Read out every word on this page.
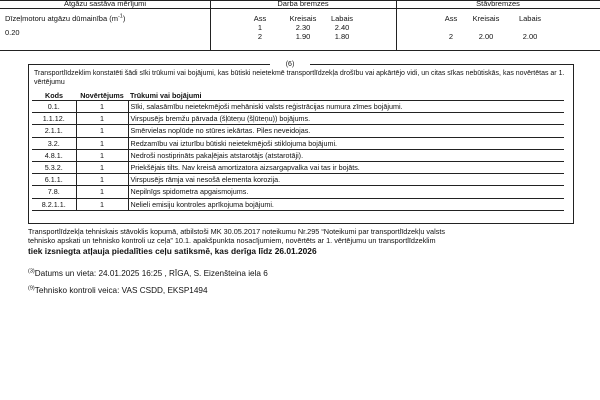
Atgāzu sastāva mērījumi
Dīzeļmotoru atgāzu dūmainība $(m^{-1})$
0.20
Darba bremzes
Ass	Kreisais	Labais
1	2.30	2.40
2	1.90	1.80
Stāvbremzes
Ass	Kreisais	Labais
2	2.00	2.00
(6)
Transportlīdzeklim konstatēti šādi sīki trūkumi vai bojājumi, kas būtiski neietekmē transportlīdzekļa drošību vai apkārtējo vidi, un citas sīkas nebūtiskās, kas novērtētas ar 1. vērtējumu
Kods	Novērtējums	Trūkumi vai bojājumi
0.1.	1	Sīki, salasāmību neietekmējoši mehāniski valsts reģistrācijas numura zīmes bojājumi.
1.1.12.	1	Virspusējs bremžu pārvada (šļūteņu (šļūteņu)) bojājums.
2.1.1.	1	Smērvielas noplūde no stūres iekārtas. Piles neveidojas.
3.2.	1	Redzamību vai izturību būtiski neietekmējoši stiklojuma bojājumi.
4.8.1.	1	Nedroši nostiprināts pakaļējais atstarotājs (atstarotāji).
5.3.2.	1	Priekšējais tilts. Nav kreisā amortizatora aizsargapvalka vai tas ir bojāts.
6.1.1.	1	Virspusējs rāmja vai nesošā elementa korozija.
7.8.	1	Nepilnīgs spidometra apgaismojums.
8.2.1.1.	1	Nelieli emisiju kontroles aprīkojuma bojājumi.
Transportlīdzekļa tehniskais stāvoklis kopumā, atbilstoši MK 30.05.2017 noteikumu Nr.295 “Noteikumi par transportlīdzekļu valsts
tehnisko apskati un tehnisko kontroli uz ceļa” 10.1. apakšpunkta nosacījumiem, novērtēts ar 1. vērtējumu un transportlīdzeklim
tiek izsniegta atļauja piedalīties ceļu satiksmē, kas derīga līdz 26.01.2026
$^{(3)}$Datums un vieta: 24.01.2025 16:25 , RĪGA, S. Eizenšteina iela 6
$^{(9)}$Tehnisko kontroli veica: VAS CSDD, EKSP1494
